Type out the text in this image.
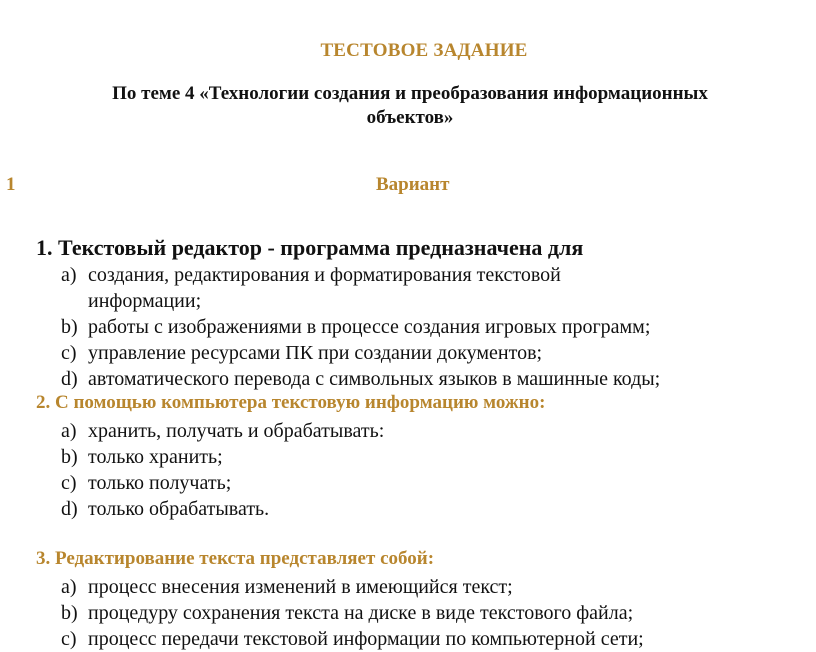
ТЕСТОВОЕ ЗАДАНИЕ
По теме 4 «Технологии создания и преобразования информационных
объектов»
1	Вариант
1. Текстовый редактор - программа предназначена для
a) создания, редактирования и форматирования текстовой
информации;
b) работы с изображениями в процессе создания игровых программ;
c) управление ресурсами ПК при создании документов;
d) автоматического перевода с символьных языков в машинные коды;
2. С помощью компьютера текстовую информацию можно:
a) хранить, получать и обрабатывать:
b) только хранить;
c) только получать;
d) только обрабатывать.
3. Редактирование текста представляет собой:
a) процесс внесения изменений в имеющийся текст;
b) процедуру сохранения текста на диске в виде текстового файла;
c) процесс передачи текстовой информации по компьютерной сети;
